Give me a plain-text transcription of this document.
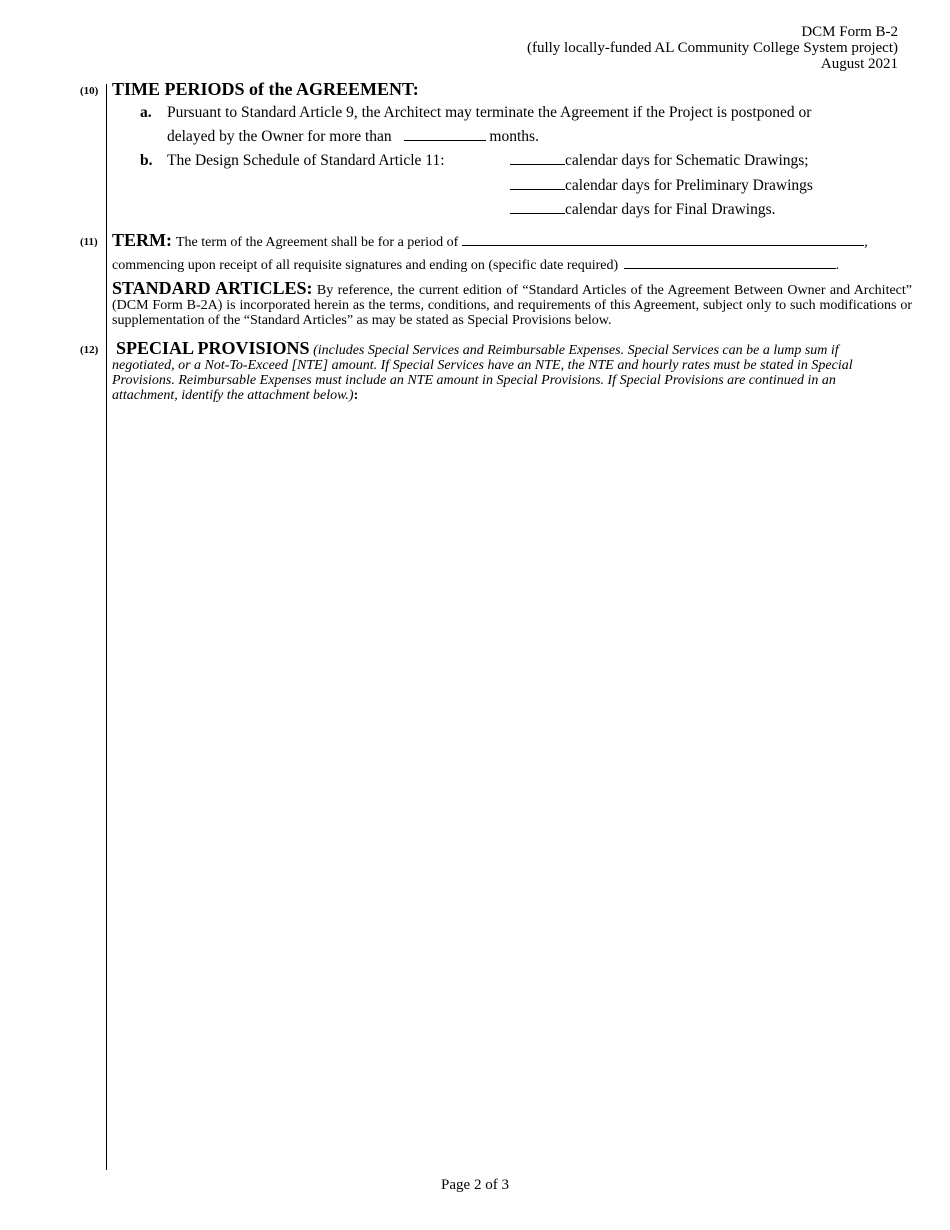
DCM Form B-2
(fully locally-funded AL Community College System project)
August 2021
(10) TIME PERIODS of the AGREEMENT:
a. Pursuant to Standard Article 9, the Architect may terminate the Agreement if the Project is postponed or
delayed by the Owner for more than	months.
b. The Design Schedule of Standard Article 11:	calendar days for Schematic Drawings;
calendar days for Preliminary Drawings
calendar days for Final Drawings.
(11) TERM: The term of the Agreement shall be for a period of	,
commencing upon receipt of all requisite signatures and ending on (specific date required)	.
STANDARD ARTICLES: By reference, the current edition of “Standard Articles of the Agreement Between Owner and Architect” (DCM Form B-2A) is incorporated herein as the terms, conditions, and requirements of this Agreement, subject only to such modifications or supplementation of the “Standard Articles” as may be stated as Special Provisions below.
(12) SPECIAL PROVISIONS (includes Special Services and Reimbursable Expenses. Special Services can be a lump sum if negotiated, or a Not-To-Exceed [NTE] amount. If Special Services have an NTE, the NTE and hourly rates must be stated in Special Provisions. Reimbursable Expenses must include an NTE amount in Special Provisions. If Special Provisions are continued in an attachment, identify the attachment below.):
Page 2 of 3
